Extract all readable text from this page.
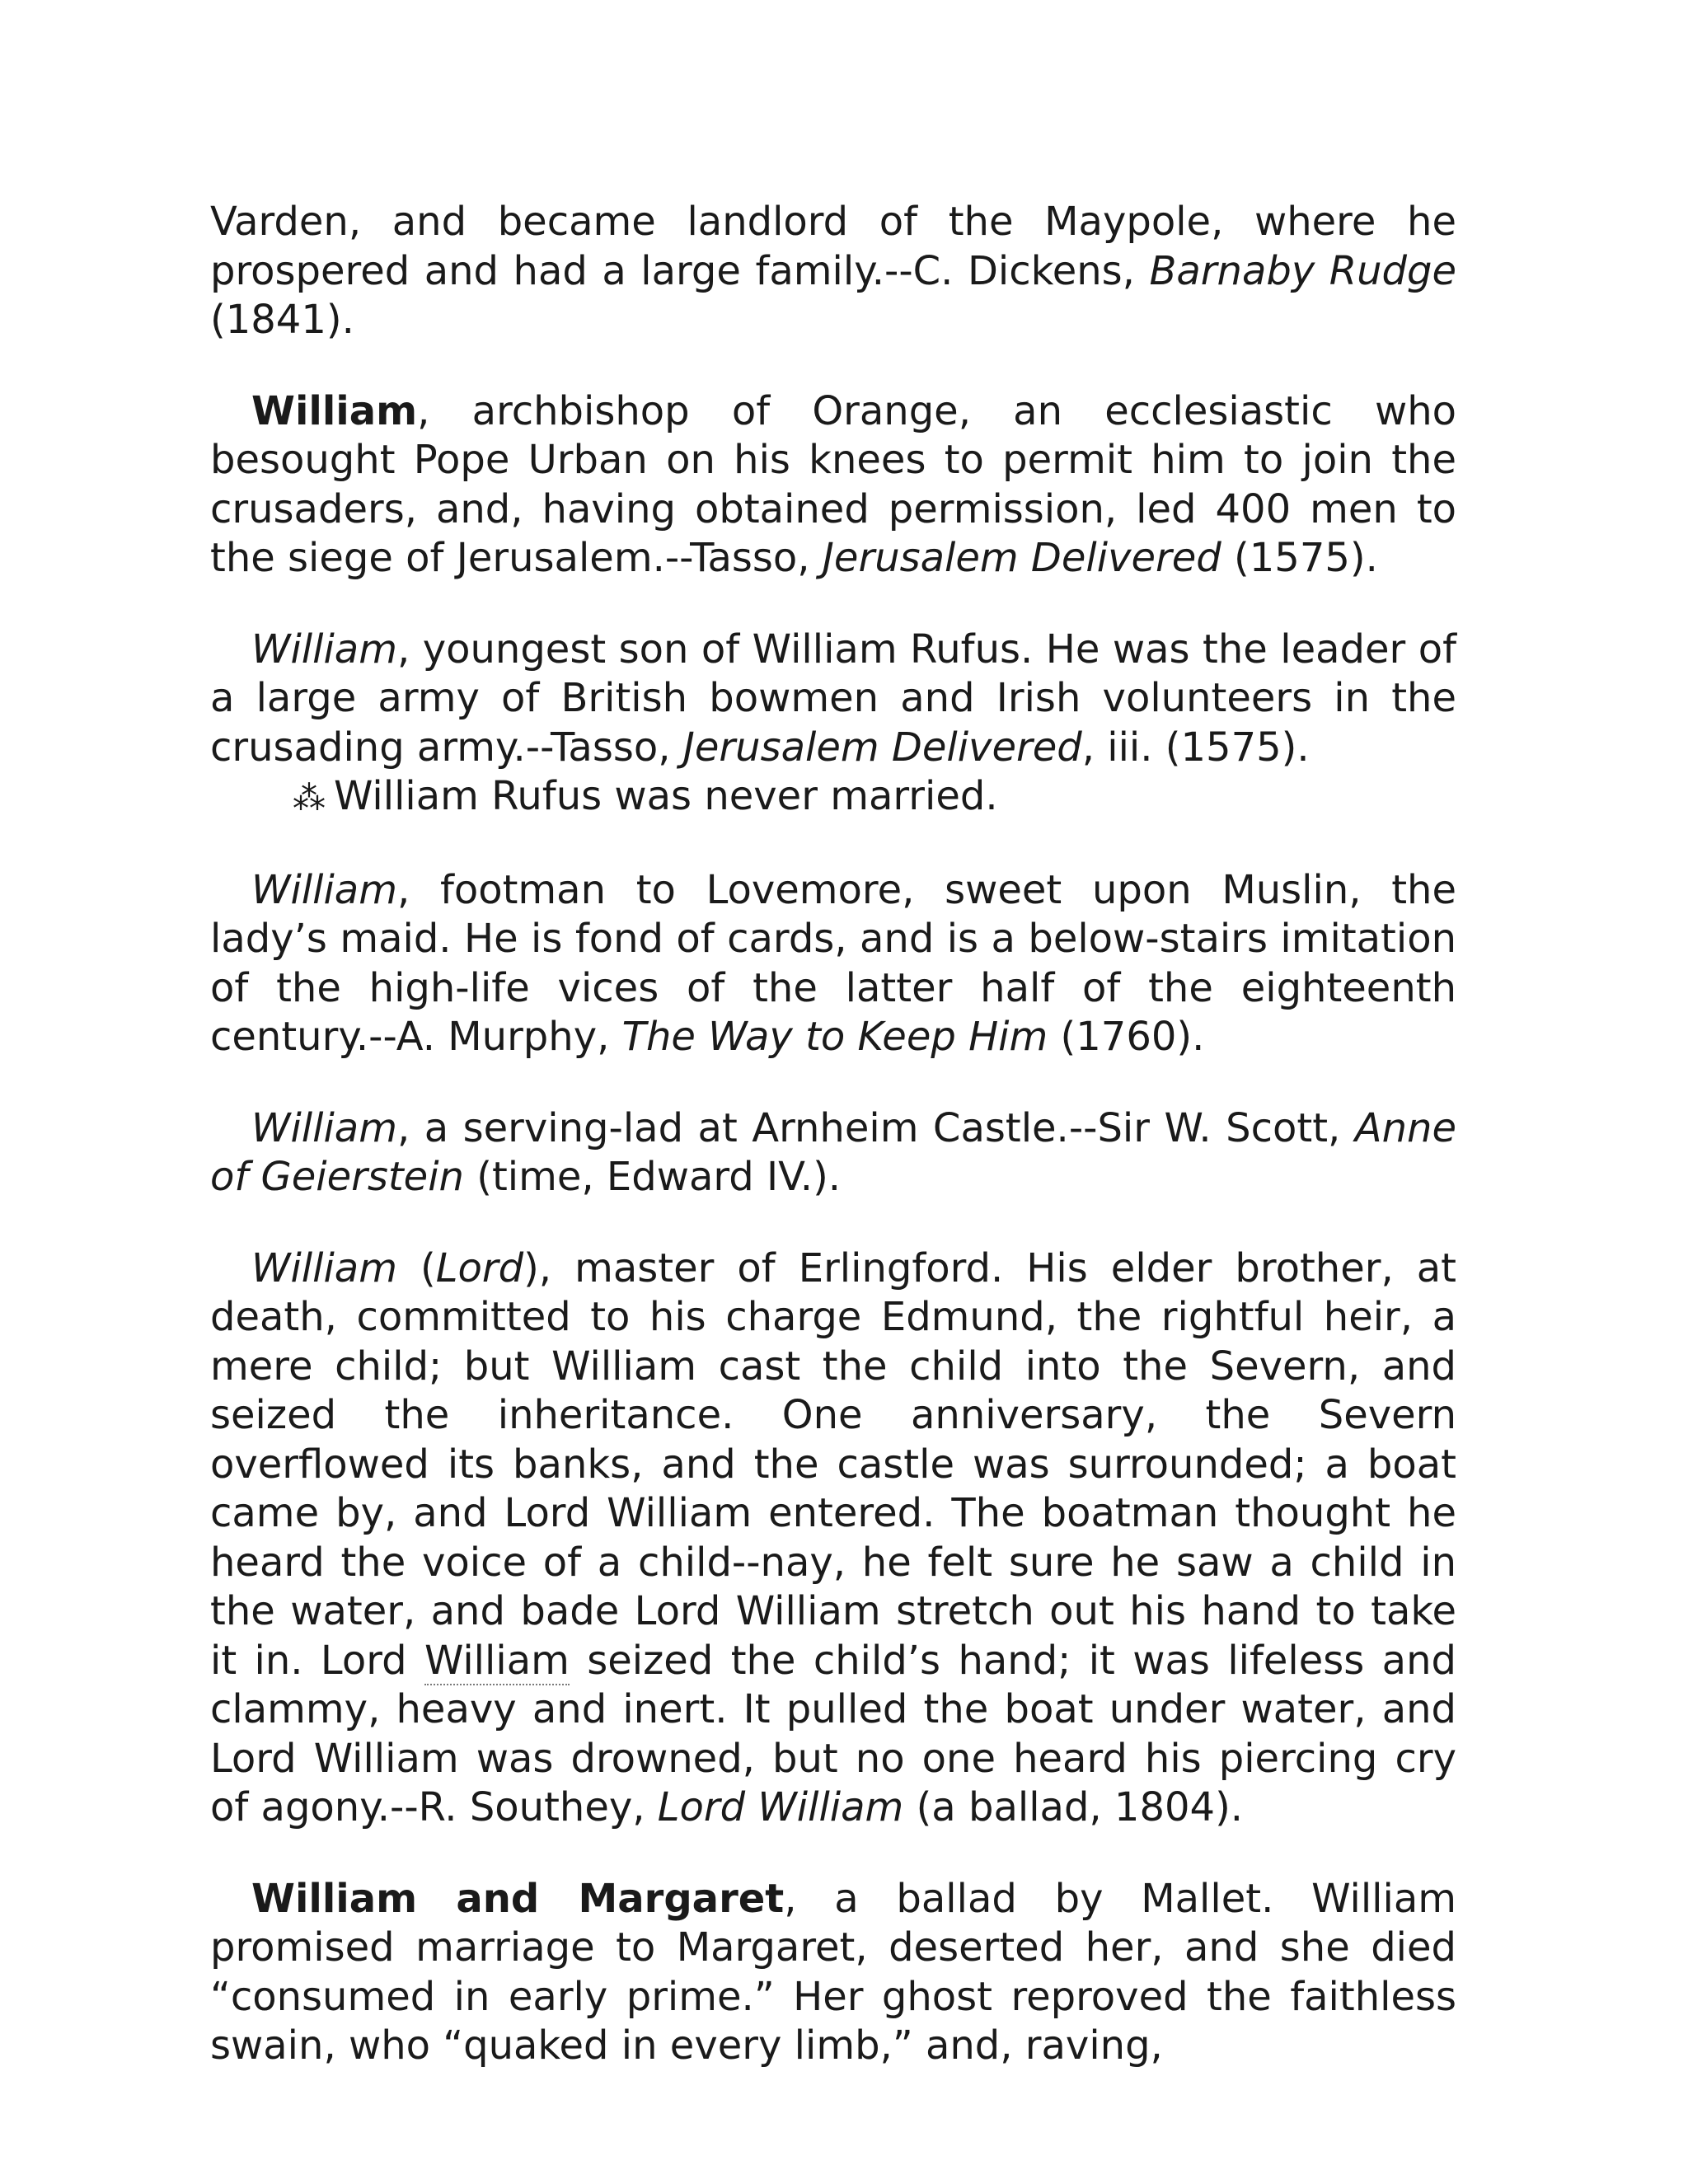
Varden, and became landlord of the Maypole, where he prospered and had a large family.--C. Dickens, Barnaby Rudge (1841).

William, archbishop of Orange, an ecclesiastic who besought Pope Urban on his knees to permit him to join the crusaders, and, having obtained permission, led 400 men to the siege of Jerusalem.--Tasso, Jerusalem Delivered (1575).

William, youngest son of William Rufus. He was the leader of a large army of British bowmen and Irish volunteers in the crusading army.--Tasso, Jerusalem Delivered, iii. (1575).

⁂ William Rufus was never married.

William, footman to Lovemore, sweet upon Muslin, the lady’s maid. He is fond of cards, and is a below-stairs imitation of the high-life vices of the latter half of the eighteenth century.--A. Murphy, The Way to Keep Him (1760).

William, a serving-lad at Arnheim Castle.--Sir W. Scott, Anne of Geierstein (time, Edward IV.).

William (Lord), master of Erlingford. His elder brother, at death, committed to his charge Edmund, the rightful heir, a mere child; but William cast the child into the Severn, and seized the inheritance. One anniversary, the Severn overflowed its banks, and the castle was surrounded; a boat came by, and Lord William entered. The boatman thought he heard the voice of a child--nay, he felt sure he saw a child in the water, and bade Lord William stretch out his hand to take it in. Lord William seized the child’s hand; it was lifeless and clammy, heavy and inert. It pulled the boat under water, and Lord William was drowned, but no one heard his piercing cry of agony.--R. Southey, Lord William (a ballad, 1804).

William and Margaret, a ballad by Mallet. William promised marriage to Margaret, deserted her, and she died “consumed in early prime.” Her ghost reproved the faithless swain, who “quaked in every limb,” and, raving,
